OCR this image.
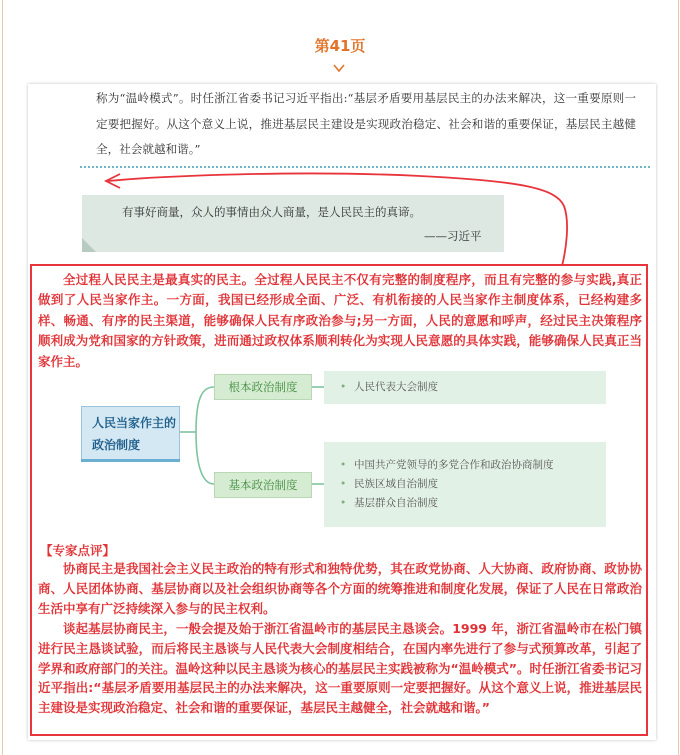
第41页
称为“温岭模式”。时任浙江省委书记习近平指出:“基层矛盾要用基层民主的办法来解决，这一重要原则一定要把握好。从这个意义上说，推进基层民主建设是实现政治稳定、社会和谐的重要保证，基层民主越健全，社会就越和谐。”
有事好商量，众人的事情由众人商量，是人民民主的真谛。
——习近平
全过程人民民主是最真实的民主。全过程人民民主不仅有完整的制度程序，而且有完整的参与实践,真正做到了人民当家作主。一方面，我国已经形成全面、广泛、有机衔接的人民当家作主制度体系，已经构建多样、畅通、有序的民主渠道，能够确保人民有序政治参与;另一方面，人民的意愿和呼声，经过民主决策程序顺利成为党和国家的方针政策，进而通过政权体系顺利转化为实现人民意愿的具体实践，能够确保人民真正当家作主。
人民当家作主的政治制度
根本政治制度
基本政治制度
• 人民代表大会制度
• 中国共产党领导的多党合作和政治协商制度
• 民族区域自治制度
• 基层群众自治制度
【专家点评】
协商民主是我国社会主义民主政治的特有形式和独特优势，其在政党协商、人大协商、政府协商、政协协商、人民团体协商、基层协商以及社会组织协商等各个方面的统筹推进和制度化发展，保证了人民在日常政治生活中享有广泛持续深入参与的民主权利。
谈起基层协商民主，一般会提及始于浙江省温岭市的基层民主恳谈会。1999 年，浙江省温岭市在松门镇进行民主恳谈试验，而后将民主恳谈与人民代表大会制度相结合，在国内率先进行了参与式预算改革，引起了学界和政府部门的关注。温岭这种以民主恳谈为核心的基层民主实践被称为“温岭模式”。时任浙江省委书记习近平指出:“基层矛盾要用基层民主的办法来解决，这一重要原则一定要把握好。从这个意义上说，推进基层民主建设是实现政治稳定、社会和谐的重要保证，基层民主越健全，社会就越和谐。”
